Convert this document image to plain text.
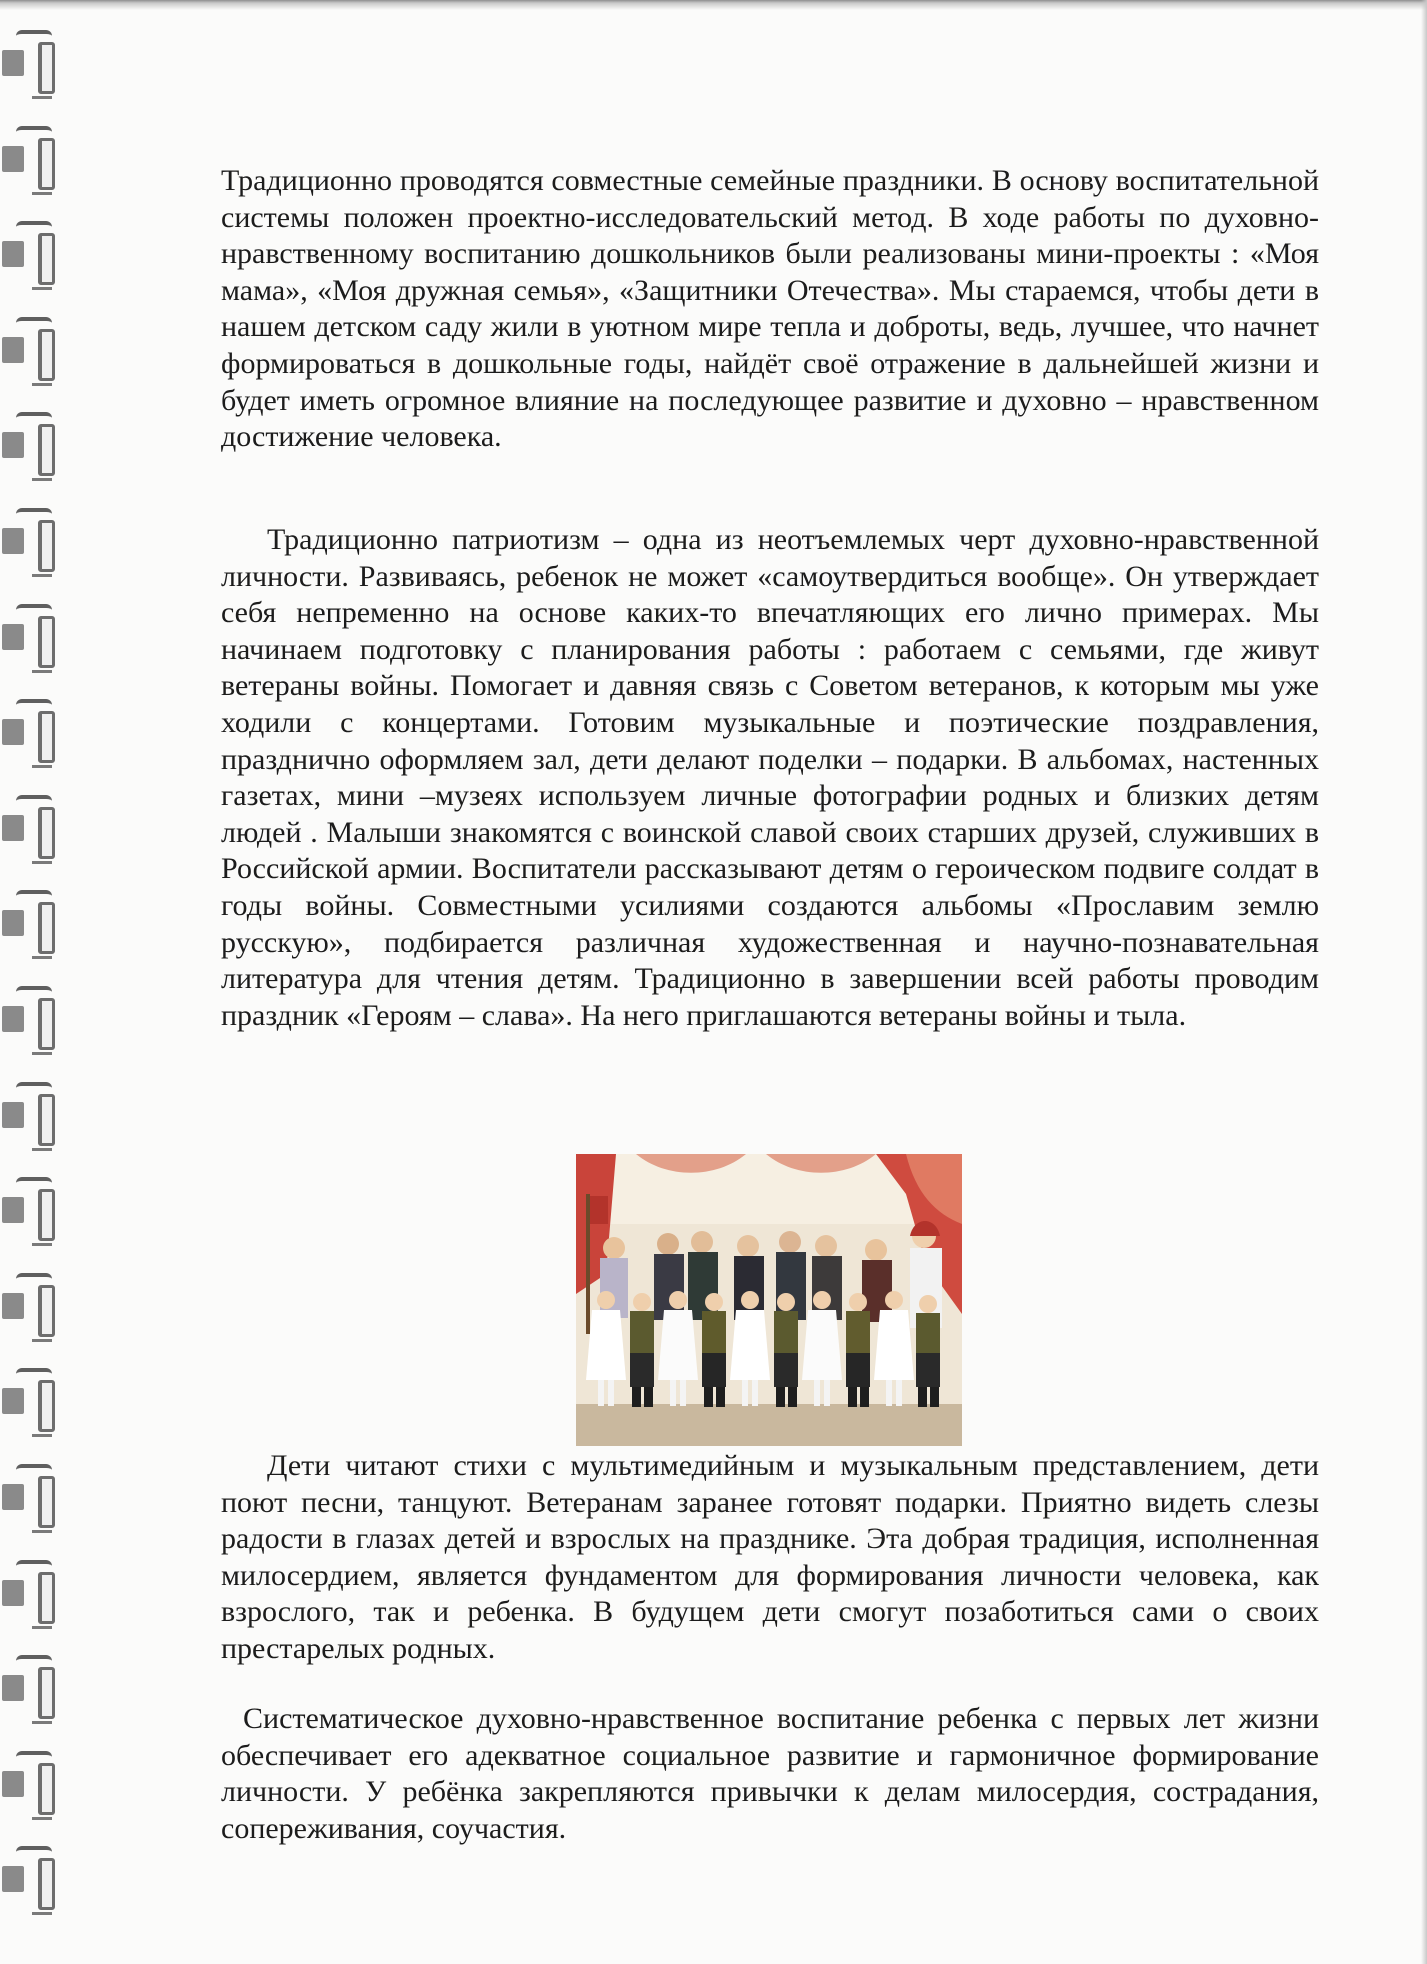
Традиционно проводятся совместные семейные праздники. В основу воспитательной системы положен проектно-исследовательский метод. В ходе работы по духовно-нравственному воспитанию дошкольников были реализованы мини-проекты : «Моя мама», «Моя дружная семья», «Защитники Отечества». Мы стараемся, чтобы дети в нашем детском саду жили в уютном мире тепла и доброты, ведь, лучшее, что начнет формироваться в дошкольные годы, найдёт своё отражение в дальнейшей жизни и будет иметь огромное влияние на последующее развитие и духовно – нравственном достижение человека.

Традиционно патриотизм – одна из неотъемлемых черт духовно-нравственной личности. Развиваясь, ребенок не может «самоутвердиться вообще». Он утверждает себя непременно на основе каких-то впечатляющих его лично примерах. Мы начинаем подготовку с планирования работы : работаем с семьями, где живут ветераны войны. Помогает и давняя связь с Советом ветеранов, к которым мы уже ходили с концертами. Готовим музыкальные и поэтические поздравления, празднично оформляем зал, дети делают поделки – подарки. В альбомах, настенных газетах, мини –музеях используем личные фотографии родных и близких детям людей . Малыши знакомятся с воинской славой своих старших друзей, служивших в Российской армии. Воспитатели рассказывают детям о героическом подвиге солдат в годы войны. Совместными усилиями создаются альбомы «Прославим землю русскую», подбирается различная художественная и научно-познавательная литература для чтения детям. Традиционно в завершении всей работы проводим праздник «Героям – слава». На него приглашаются ветераны войны и тыла.

Дети читают стихи с мультимедийным и музыкальным представлением, дети поют песни, танцуют. Ветеранам заранее готовят подарки. Приятно видеть слезы радости в глазах детей и взрослых на празднике. Эта добрая традиция, исполненная милосердием, является фундаментом для формирования личности человека, как взрослого, так и ребенка. В будущем дети смогут позаботиться сами о своих престарелых родных.

Систематическое духовно-нравственное воспитание ребенка с первых лет жизни обеспечивает его адекватное социальное развитие и гармоничное формирование личности. У ребёнка закрепляются привычки к делам милосердия, сострадания, сопереживания, соучастия.
